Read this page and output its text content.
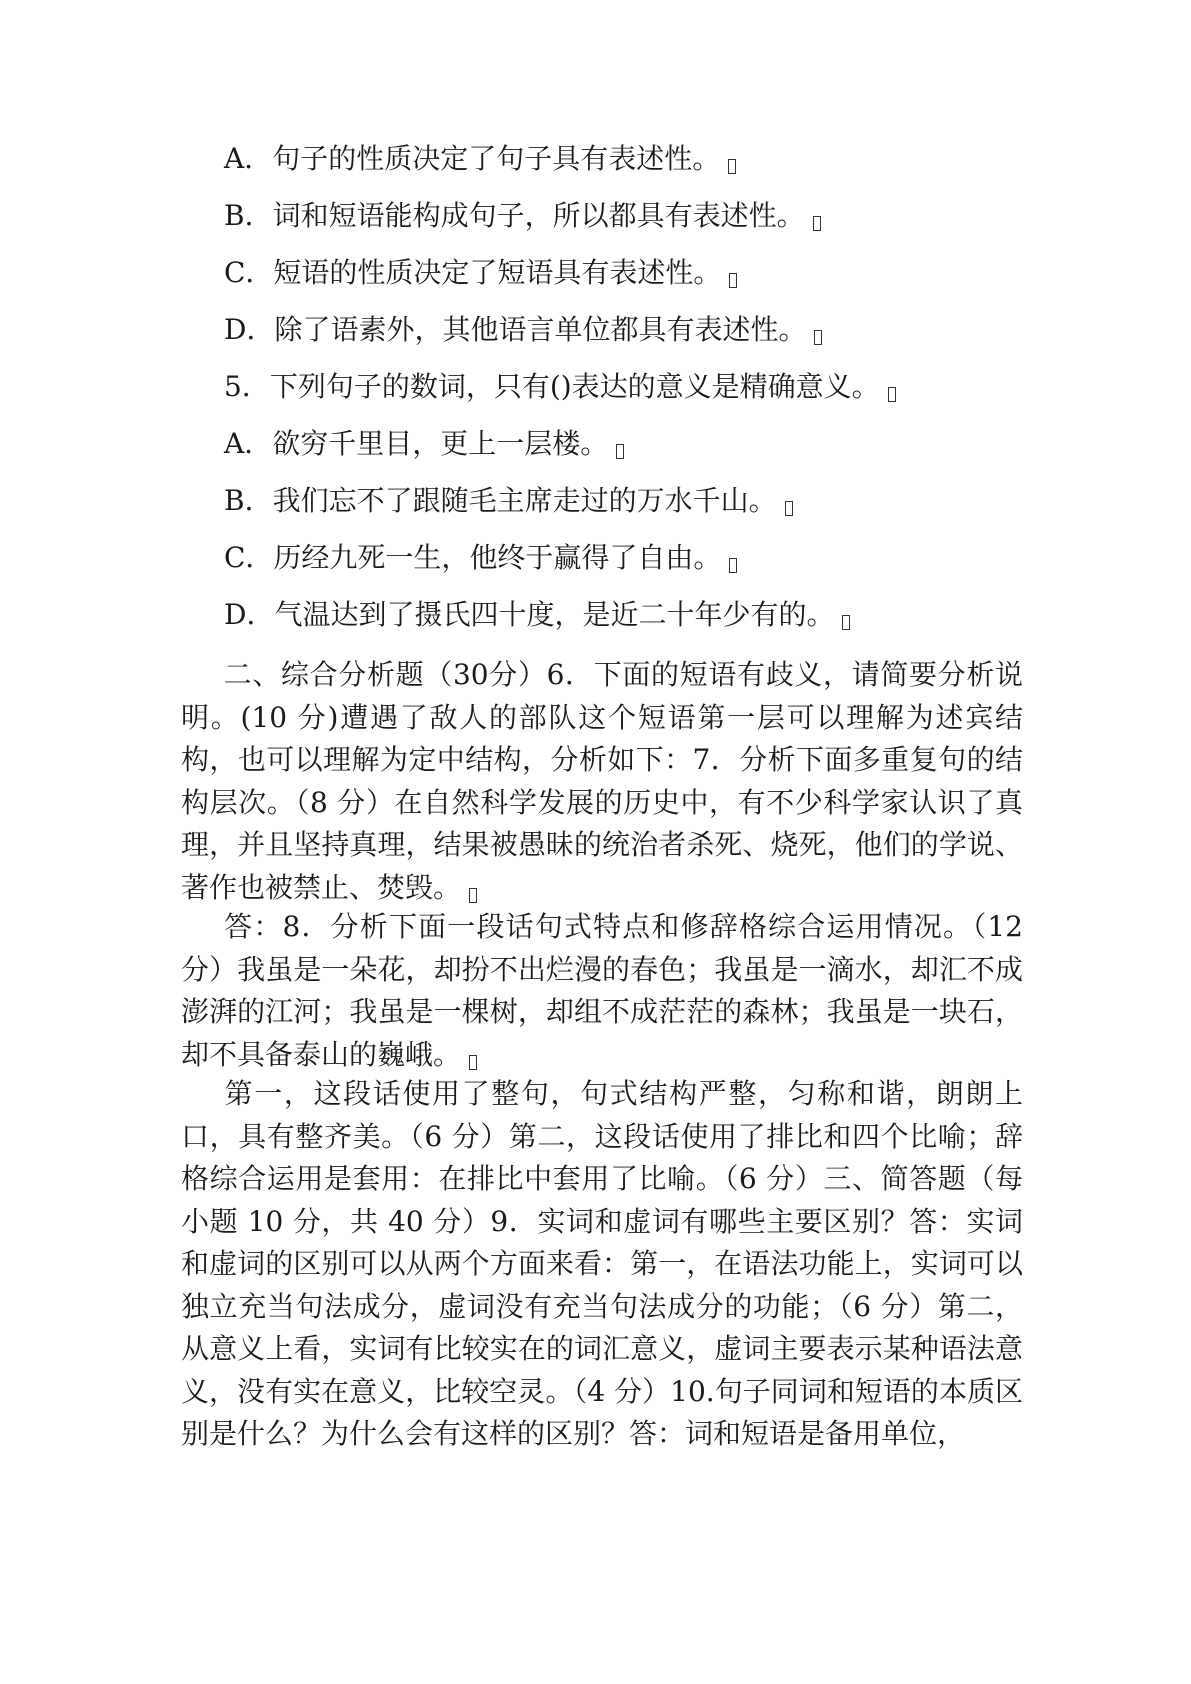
A．句子的性质决定了句子具有表述性。
B．词和短语能构成句子，所以都具有表述性。
C．短语的性质决定了短语具有表述性。
D．除了语素外，其他语言单位都具有表述性。
5．下列句子的数词，只有()表达的意义是精确意义。
A．欲穷千里目，更上一层楼。
B．我们忘不了跟随毛主席走过的万水千山。
C．历经九死一生，他终于赢得了自由。
D．气温达到了摄氏四十度，是近二十年少有的。
二、综合分析题（30分）6．下面的短语有歧义，请简要分析说明。(10 分)遭遇了敌人的部队这个短语第一层可以理解为述宾结构，也可以理解为定中结构，分析如下：7．分析下面多重复句的结构层次。（8 分）在自然科学发展的历史中，有不少科学家认识了真理，并且坚持真理，结果被愚昧的统治者杀死、烧死，他们的学说、著作也被禁止、焚毁。
答：8．分析下面一段话句式特点和修辞格综合运用情况。（12分）我虽是一朵花，却扮不出烂漫的春色；我虽是一滴水，却汇不成澎湃的江河；我虽是一棵树，却组不成茫茫的森林；我虽是一块石，却不具备泰山的巍峨。
第一，这段话使用了整句，句式结构严整，匀称和谐，朗朗上口，具有整齐美。（6 分）第二，这段话使用了排比和四个比喻；辞格综合运用是套用：在排比中套用了比喻。（6 分）三、简答题（每小题 10 分，共 40 分）9．实词和虚词有哪些主要区别？答：实词和虚词的区别可以从两个方面来看：第一，在语法功能上，实词可以独立充当句法成分，虚词没有充当句法成分的功能；（6 分）第二，从意义上看，实词有比较实在的词汇意义，虚词主要表示某种语法意义，没有实在意义，比较空灵。（4 分）10.句子同词和短语的本质区别是什么？为什么会有这样的区别？答：词和短语是备用单位，
